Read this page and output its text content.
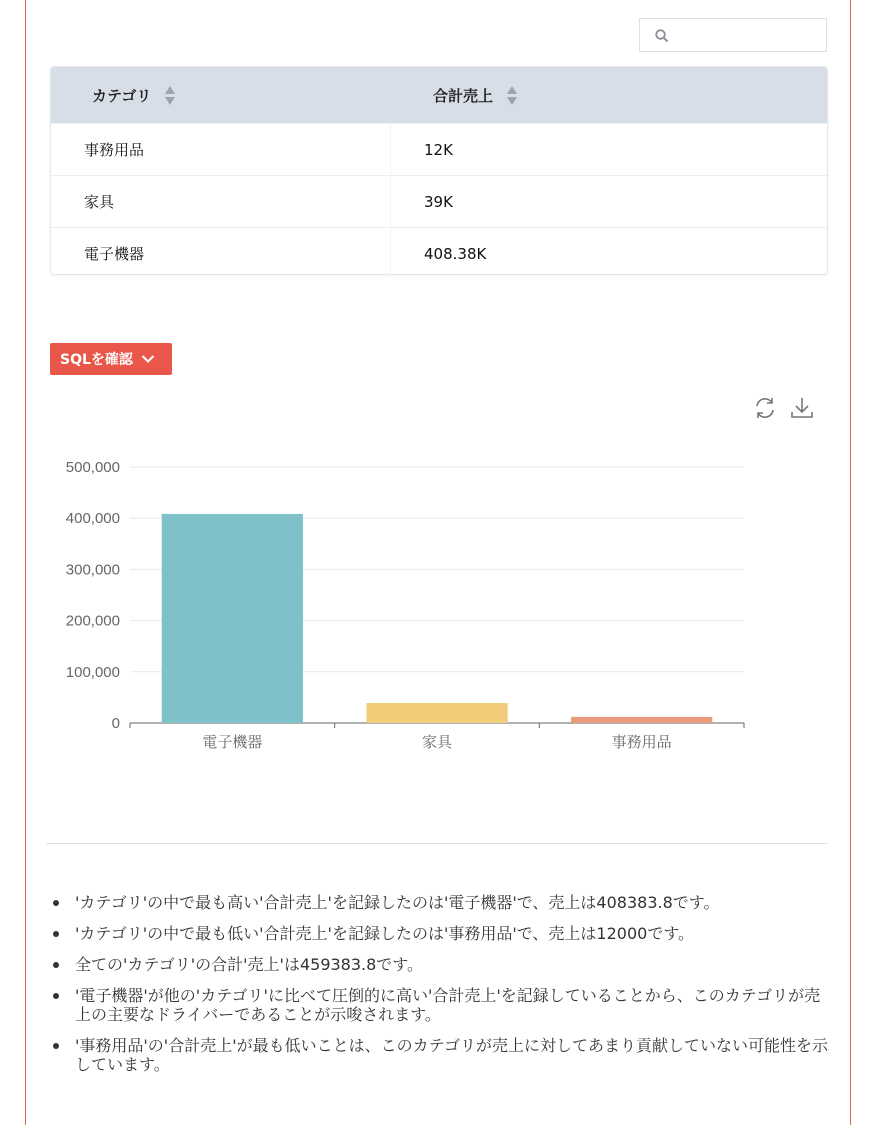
カテゴリ	合計売上
事務用品	12K
家具	39K
電子機器	408.38K
SQLを確認
0
100,000
200,000
300,000
400,000
500,000
電子機器	家具	事務用品
'カテゴリ'の中で最も高い'合計売上'を記録したのは'電子機器'で、売上は408383.8です。
'カテゴリ'の中で最も低い'合計売上'を記録したのは'事務用品'で、売上は12000です。
全ての'カテゴリ'の合計'売上'は459383.8です。
'電子機器'が他の'カテゴリ'に比べて圧倒的に高い'合計売上'を記録していることから、このカテゴリが売上の主要なドライバーであることが示唆されます。
'事務用品'の'合計売上'が最も低いことは、このカテゴリが売上に対してあまり貢献していない可能性を示しています。
